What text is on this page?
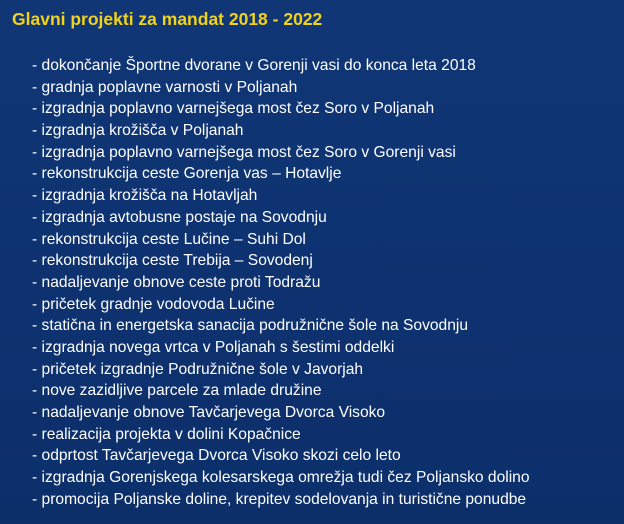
Glavni projekti za mandat 2018 - 2022
- dokončanje Športne dvorane v Gorenji vasi do konca leta 2018
- gradnja poplavne varnosti v Poljanah
- izgradnja poplavno varnejšega most čez Soro v Poljanah
- izgradnja krožišča v Poljanah
- izgradnja poplavno varnejšega most čez Soro v Gorenji vasi
- rekonstrukcija ceste Gorenja vas – Hotavlje
- izgradnja krožišča na Hotavljah
- izgradnja avtobusne postaje na Sovodnju
- rekonstrukcija ceste Lučine – Suhi Dol
- rekonstrukcija ceste Trebija – Sovodenj
- nadaljevanje obnove ceste proti Todražu
- pričetek gradnje vodovoda Lučine
- statična in energetska sanacija podružnične šole na Sovodnju
- izgradnja novega vrtca v Poljanah s šestimi oddelki
- pričetek izgradnje Podružnične šole v Javorjah
- nove zazidljive parcele za mlade družine
- nadaljevanje obnove Tavčarjevega Dvorca Visoko
- realizacija projekta v dolini Kopačnice
- odprtost Tavčarjevega Dvorca Visoko skozi celo leto
- izgradnja Gorenjskega kolesarskega omrežja tudi čez Poljansko dolino
- promocija Poljanske doline, krepitev sodelovanja in turistične ponudbe
